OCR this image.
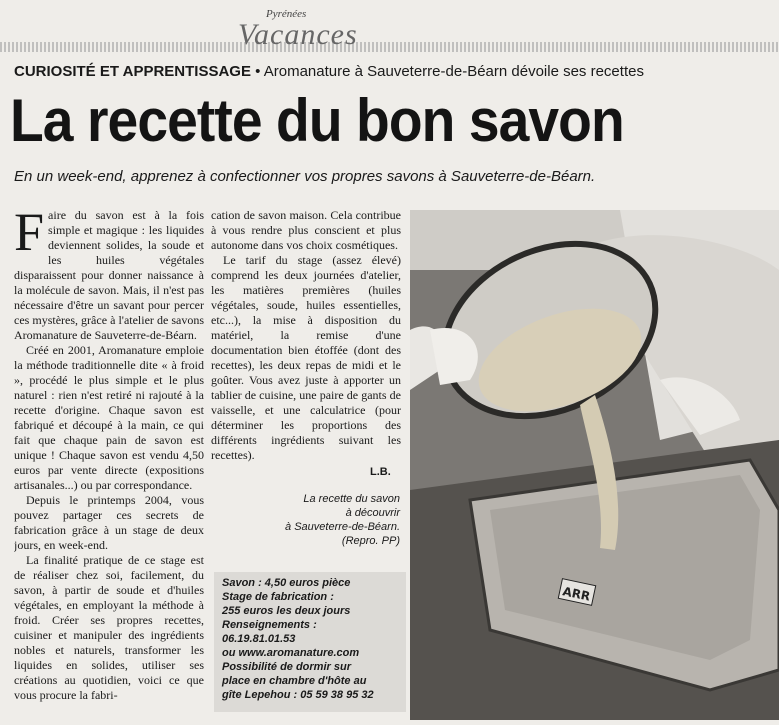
Pyrénées
Vacances
CURIOSITÉ ET APPRENTISSAGE • Aromanature à Sauveterre-de-Béarn dévoile ses recettes
La recette du bon savon
En un week-end, apprenez à confectionner vos propres savons à Sauveterre-de-Béarn.

Faire du savon est à la fois simple et magique : les liquides deviennent solides, la soude et les huiles végétales disparaissent pour donner naissance à la molécule de savon. Mais, il n'est pas nécessaire d'être un savant pour percer ces mystères, grâce à l'atelier de savons Aromanature de Sauveterre-de-Béarn.

Créé en 2001, Aromanature emploie la méthode traditionnelle dite « à froid », procédé le plus simple et le plus naturel : rien n'est retiré ni rajouté à la recette d'origine. Chaque savon est fabriqué et découpé à la main, ce qui fait que chaque pain de savon est unique ! Chaque savon est vendu 4,50 euros par vente directe (expositions artisanales...) ou par correspondance.

Depuis le printemps 2004, vous pouvez partager ces secrets de fabrication grâce à un stage de deux jours, en week-end.

La finalité pratique de ce stage est de réaliser chez soi, facilement, du savon, à partir de soude et d'huiles végétales, en employant la méthode à froid. Créer ses propres recettes, cuisiner et manipuler des ingrédients nobles et naturels, transformer les liquides en solides, utiliser ses créations au quotidien, voici ce que vous procure la fabri-

cation de savon maison. Cela contribue à vous rendre plus conscient et plus autonome dans vos choix cosmétiques.

Le tarif du stage (assez élevé) comprend les deux journées d'atelier, les matières premières (huiles végétales, soude, huiles essentielles, etc...), la mise à disposition du matériel, la remise d'une documentation bien étoffée (dont des recettes), les deux repas de midi et le goûter. Vous avez juste à apporter un tablier de cuisine, une paire de gants de vaisselle, et une calculatrice (pour déterminer les proportions des différents ingrédients suivant les recettes).

L.B.
La recette du savon
à découvrir
à Sauveterre-de-Béarn.
(Repro. PP)
Savon : 4,50 euros pièce
Stage de fabrication :
255 euros les deux jours
Renseignements :
06.19.81.01.53
ou www.aromanature.com
Possibilité de dormir sur
place en chambre d'hôte au
gîte Lepehou : 05 59 38 95 32
ARR
